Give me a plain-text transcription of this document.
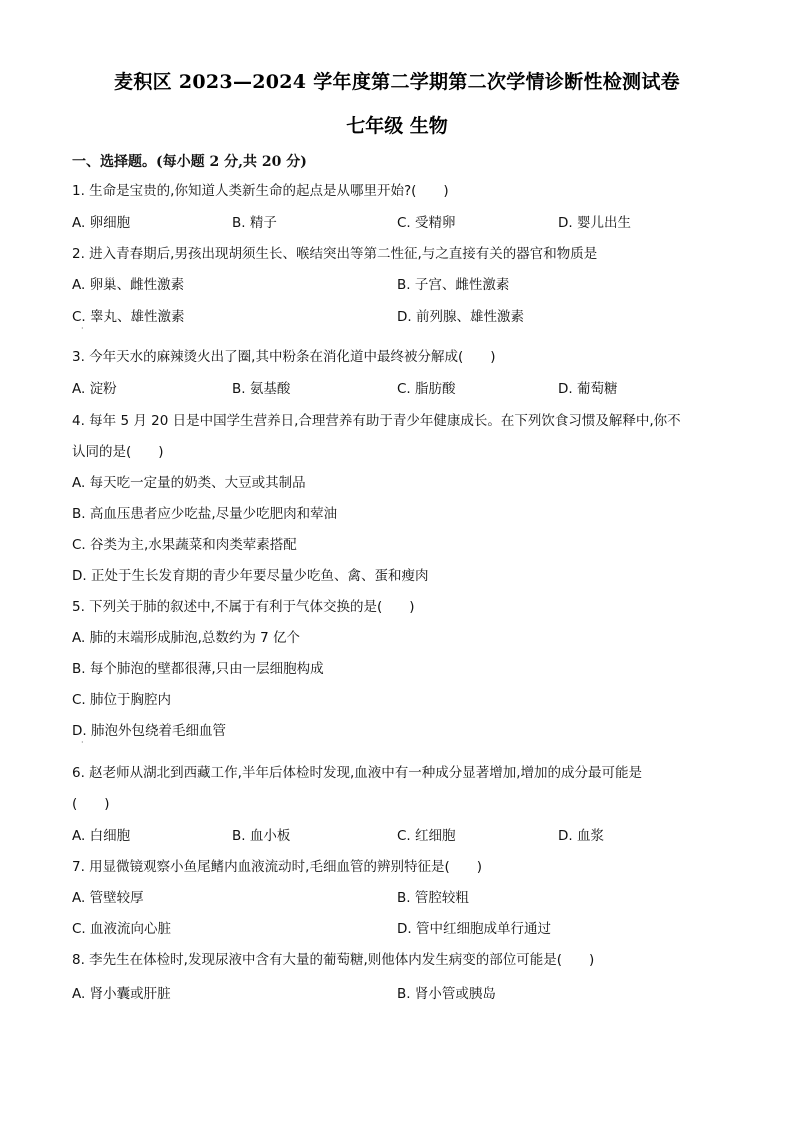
麦积区 2023—2024 学年度第二学期第二次学情诊断性检测试卷
七年级 生物
一、选择题。(每小题 2 分,共 20 分)
1. 生命是宝贵的,你知道人类新生命的起点是从哪里开始?(　　)
A. 卵细胞	B. 精子	C. 受精卵	D. 婴儿出生
2. 进入青春期后,男孩出现胡须生长、喉结突出等第二性征,与之直接有关的器官和物质是
A. 卵巢、雌性激素	B. 子宫、雌性激素
C. 睾丸、雄性激素	D. 前列腺、雄性激素
·
3. 今年天水的麻辣烫火出了圈,其中粉条在消化道中最终被分解成(　　)
A. 淀粉	B. 氨基酸	C. 脂肪酸	D. 葡萄糖
4. 每年 5 月 20 日是中国学生营养日,合理营养有助于青少年健康成长。在下列饮食习惯及解释中,你不
认同的是(　　)
A. 每天吃一定量的奶类、大豆或其制品
B. 高血压患者应少吃盐,尽量少吃肥肉和荤油
C. 谷类为主,水果蔬菜和肉类荤素搭配
D. 正处于生长发育期的青少年要尽量少吃鱼、禽、蛋和瘦肉
5. 下列关于肺的叙述中,不属于有利于气体交换的是(　　)
A. 肺的末端形成肺泡,总数约为 7 亿个
B. 每个肺泡的壁都很薄,只由一层细胞构成
C. 肺位于胸腔内
D. 肺泡外包绕着毛细血管
·
6. 赵老师从湖北到西藏工作,半年后体检时发现,血液中有一种成分显著增加,增加的成分最可能是
(　　)
A. 白细胞	B. 血小板	C. 红细胞	D. 血浆
7. 用显微镜观察小鱼尾鳍内血液流动时,毛细血管的辨别特征是(　　)
A. 管壁较厚	B. 管腔较粗
C. 血液流向心脏	D. 管中红细胞成单行通过
8. 李先生在体检时,发现尿液中含有大量的葡萄糖,则他体内发生病变的部位可能是(　　)
A. 肾小囊或肝脏	B. 肾小管或胰岛
